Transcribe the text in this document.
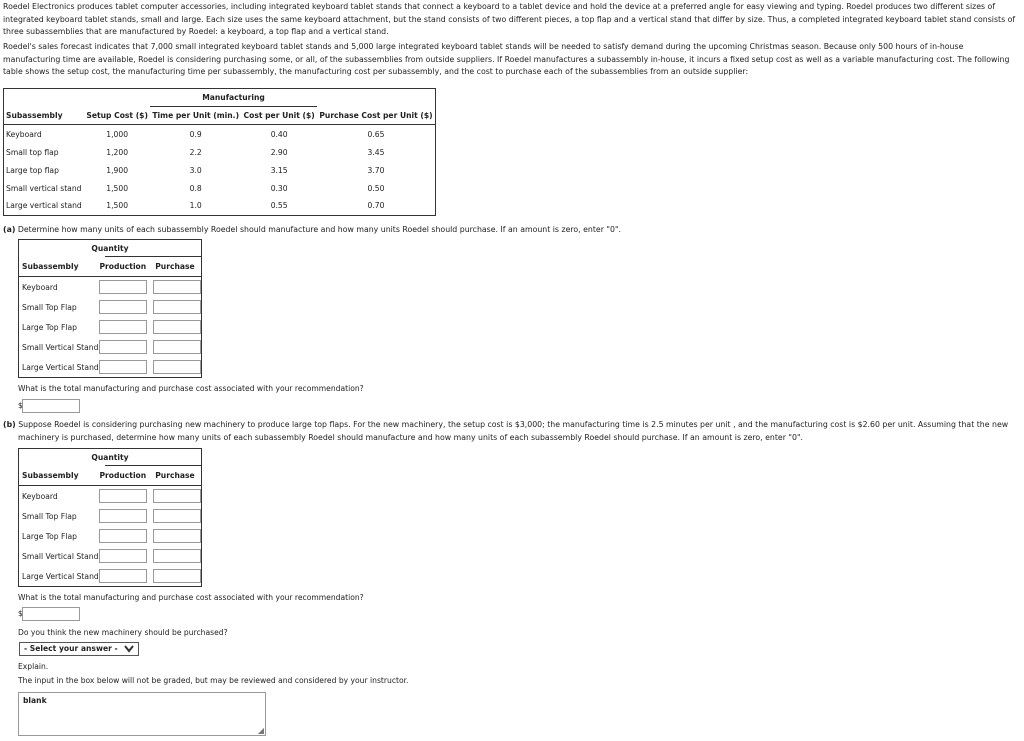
Roedel Electronics produces tablet computer accessories, including integrated keyboard tablet stands that connect a keyboard to a tablet device and hold the device at a preferred angle for easy viewing and typing. Roedel produces two different sizes of integrated keyboard tablet stands, small and large. Each size uses the same keyboard attachment, but the stand consists of two different pieces, a top flap and a vertical stand that differ by size. Thus, a completed integrated keyboard tablet stand consists of three subassemblies that are manufactured by Roedel: a keyboard, a top flap and a vertical stand.

Roedel's sales forecast indicates that 7,000 small integrated keyboard tablet stands and 5,000 large integrated keyboard tablet stands will be needed to satisfy demand during the upcoming Christmas season. Because only 500 hours of in-house manufacturing time are available, Roedel is considering purchasing some, or all, of the subassemblies from outside suppliers. If Roedel manufactures a subassembly in-house, it incurs a fixed setup cost as well as a variable manufacturing cost. The following table shows the setup cost, the manufacturing time per subassembly, the manufacturing cost per subassembly, and the cost to purchase each of the subassemblies from an outside supplier:

		Manufacturing		
Subassembly	Setup Cost ($)	Time per Unit (min.)	Cost per Unit ($)	Purchase Cost per Unit ($)

Keyboard	1,000	0.9	0.40	0.65
Small top flap	1,200	2.2	2.90	3.45
Large top flap	1,900	3.0	3.15	3.70
Small vertical stand	1,500	0.8	0.30	0.50
Large vertical stand	1,500	1.0	0.55	0.70

(a) Determine how many units of each subassembly Roedel should manufacture and how many units Roedel should purchase. If an amount is zero, enter "0".

Quantity
Subassembly	Production	Purchase
Keyboard
Small Top Flap
Large Top Flap
Small Vertical Stand
Large Vertical Stand

What is the total manufacturing and purchase cost associated with your recommendation?

$

(b) Suppose Roedel is considering purchasing new machinery to produce large top flaps. For the new machinery, the setup cost is $3,000; the manufacturing time is 2.5 minutes per unit , and the manufacturing cost is $2.60 per unit. Assuming that the new

machinery is purchased, determine how many units of each subassembly Roedel should manufacture and how many units of each subassembly Roedel should purchase. If an amount is zero, enter "0".

Quantity
Subassembly	Production	Purchase
Keyboard
Small Top Flap
Large Top Flap
Small Vertical Stand
Large Vertical Stand

What is the total manufacturing and purchase cost associated with your recommendation?

$

Do you think the new machinery should be purchased?

- Select your answer -

Explain.

The input in the box below will not be graded, but may be reviewed and considered by your instructor.

blank
◢
